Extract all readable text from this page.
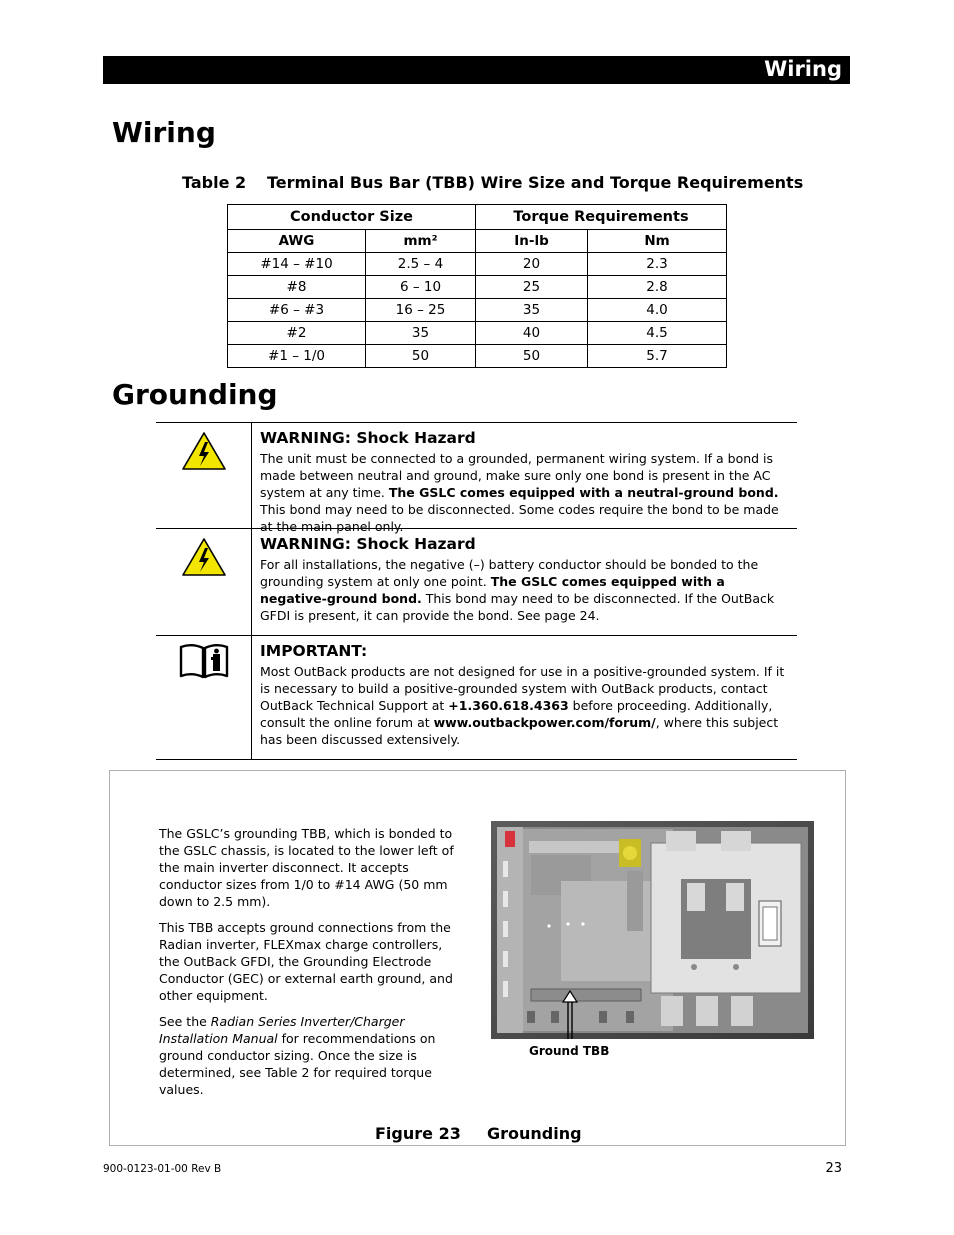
Wiring
Wiring
Table 2 Terminal Bus Bar (TBB) Wire Size and Torque Requirements
Conductor Size		Torque Requirements	
AWG	mm²	In-lb	Nm
#14 – #10	2.5 – 4	20	2.3
#8	6 – 10	25	2.8
#6 – #3	16 – 25	35	4.0
#2	35	40	4.5
#1 – 1/0	50	50	5.7
Grounding
WARNING: Shock Hazard
The unit must be connected to a grounded, permanent wiring system. If a bond is made between neutral and ground, make sure only one bond is present in the AC system at any time. The GSLC comes equipped with a neutral-ground bond. This bond may need to be disconnected. Some codes require the bond to be made at the main panel only.
WARNING: Shock Hazard
For all installations, the negative (–) battery conductor should be bonded to the grounding system at only one point. The GSLC comes equipped with a negative-ground bond. This bond may need to be disconnected. If the OutBack GFDI is present, it can provide the bond. See page 24.
IMPORTANT:
Most OutBack products are not designed for use in a positive-grounded system. If it is necessary to build a positive-grounded system with OutBack products, contact OutBack Technical Support at +1.360.618.4363 before proceeding. Additionally, consult the online forum at www.outbackpower.com/forum/, where this subject has been discussed extensively.

The GSLC’s grounding TBB, which is bonded to the GSLC chassis, is located to the lower left of the main inverter disconnect. It accepts conductor sizes from 1/0 to #14 AWG (50 mm down to 2.5 mm).

This TBB accepts ground connections from the Radian inverter, FLEXmax charge controllers, the OutBack GFDI, the Grounding Electrode Conductor (GEC) or external earth ground, and other equipment.

See the Radian Series Inverter/Charger Installation Manual for recommendations on ground conductor sizing. Once the size is determined, see Table 2 for required torque values.

Ground TBB
Figure 23 Grounding
900-0123-01-00 Rev B	23
